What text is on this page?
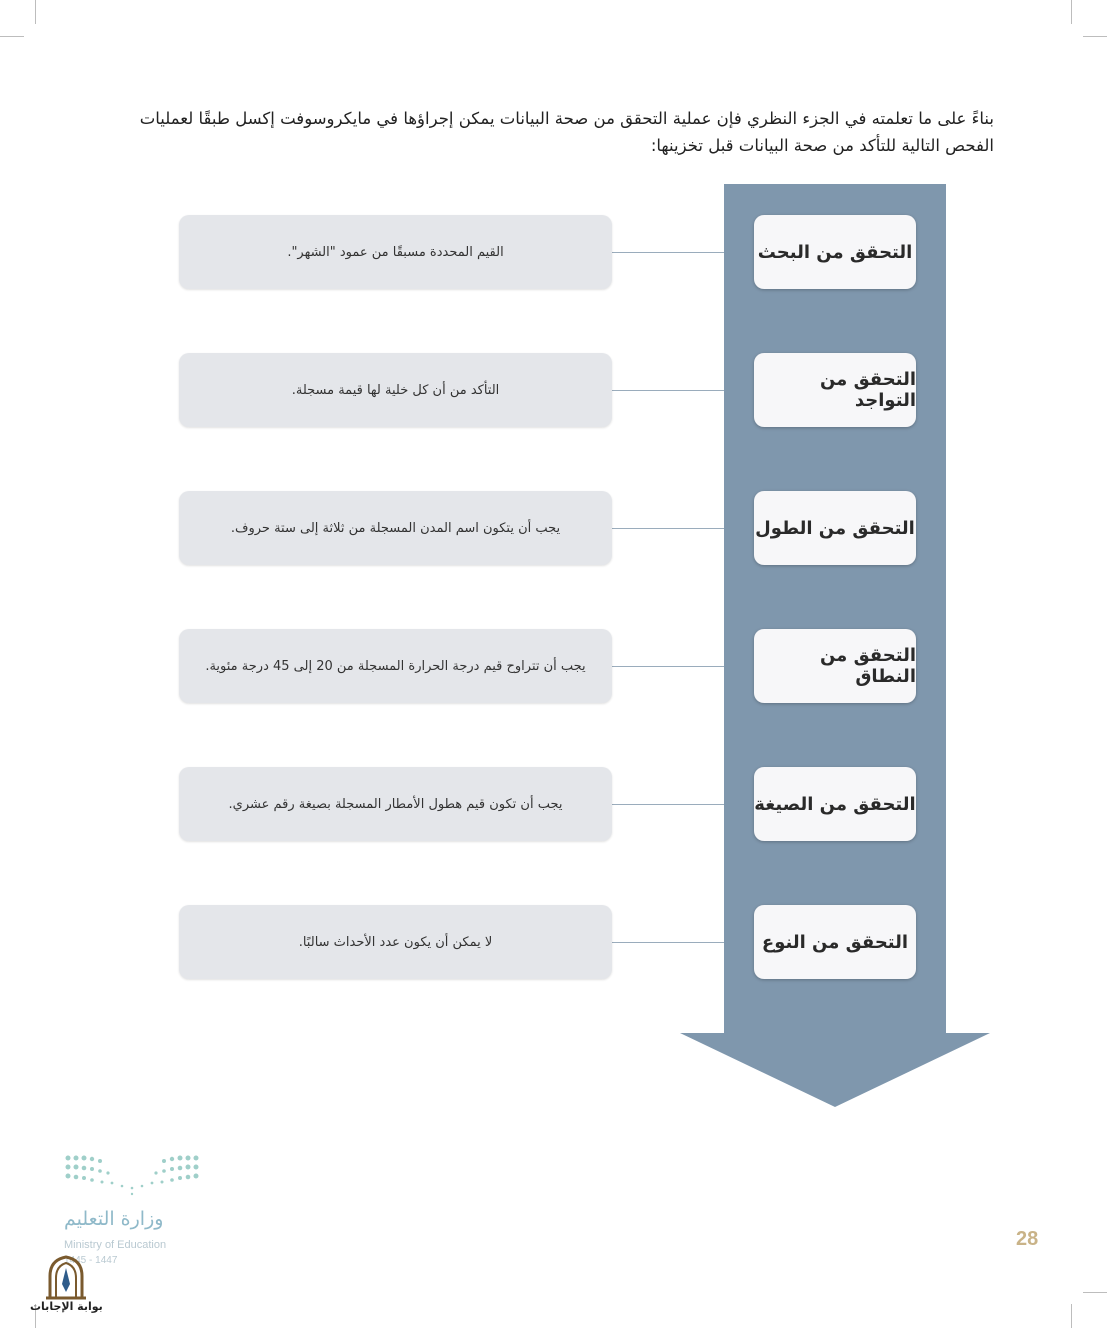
بناءً على ما تعلمته في الجزء النظري فإن عملية التحقق من صحة البيانات يمكن إجراؤها في مايكروسوفت إكسل طبقًا لعمليات الفحص التالية للتأكد من صحة البيانات قبل تخزينها:

التحقق من البحث
التحقق من التواجد
التحقق من الطول
التحقق من النطاق
التحقق من الصيغة
التحقق من النوع
القيم المحددة مسبقًا من عمود "الشهر".
التأكد من أن كل خلية لها قيمة مسجلة.
يجب أن يتكون اسم المدن المسجلة من ثلاثة إلى ستة حروف.
يجب أن تتراوح قيم درجة الحرارة المسجلة من 20 إلى 45 درجة مئوية.
يجب أن تكون قيم هطول الأمطار المسجلة بصيغة رقم عشري.
لا يمكن أن يكون عدد الأحداث سالبًا.
وزارة التعليم
Ministry of Education
1445 - 1447
بوابة الإجابات
28
